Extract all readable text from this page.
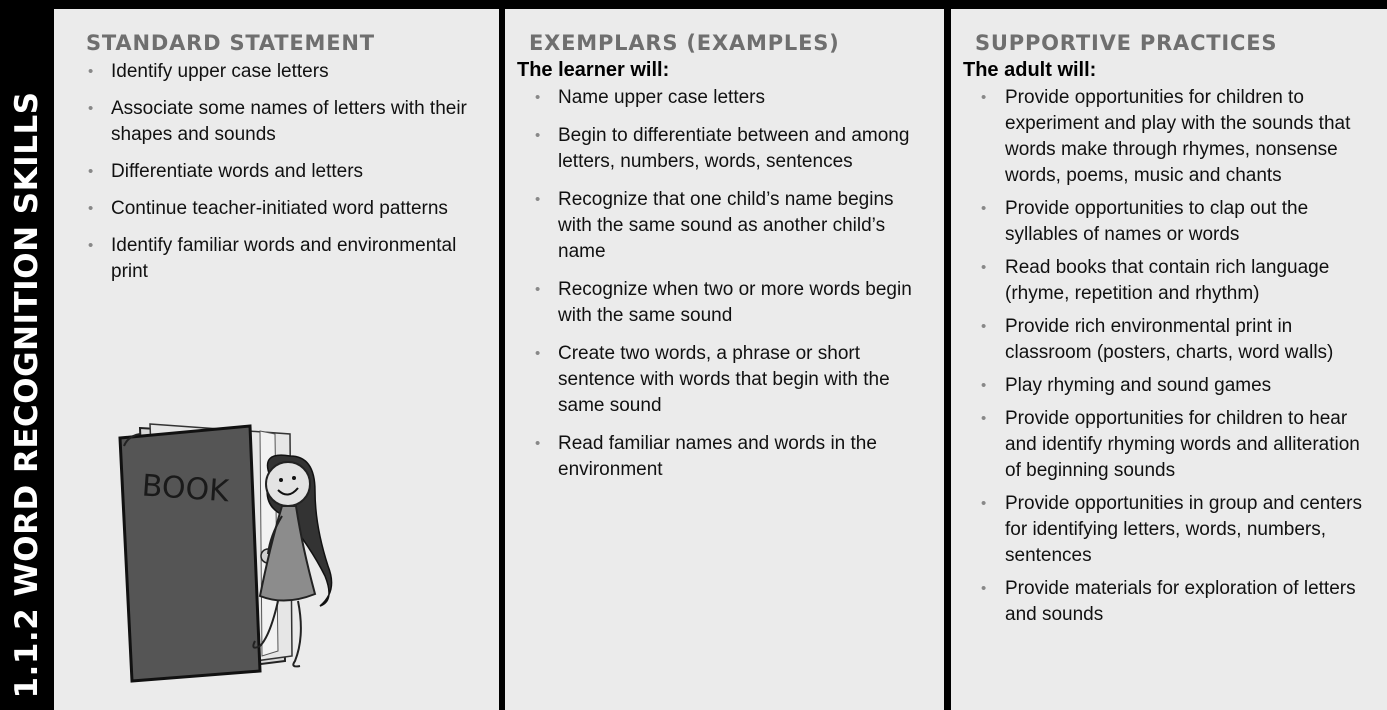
1.1.2 WORD RECOGNITION SKILLS
STANDARD STATEMENT
• Identify upper case letters
• Associate some names of letters with their shapes and sounds
• Differentiate words and letters
• Continue teacher-initiated word patterns
• Identify familiar words and environmental print
BOOK
EXEMPLARS (EXAMPLES)
The learner will:
• Name upper case letters
• Begin to differentiate between and among letters, numbers, words, sentences
• Recognize that one child’s name begins with the same sound as another child’s name
• Recognize when two or more words begin with the same sound
• Create two words, a phrase or short sentence with words that begin with the same sound
• Read familiar names and words in the environment
SUPPORTIVE PRACTICES
The adult will:
• Provide opportunities for children to experiment and play with the sounds that words make through rhymes, nonsense words, poems, music and chants
• Provide opportunities to clap out the syllables of names or words
• Read books that contain rich language (rhyme, repetition and rhythm)
• Provide rich environmental print in classroom (posters, charts, word walls)
• Play rhyming and sound games
• Provide opportunities for children to hear and identify rhyming words and alliteration of beginning sounds
• Provide opportunities in group and centers for identifying letters, words, numbers, sentences
• Provide materials for exploration of letters and sounds
